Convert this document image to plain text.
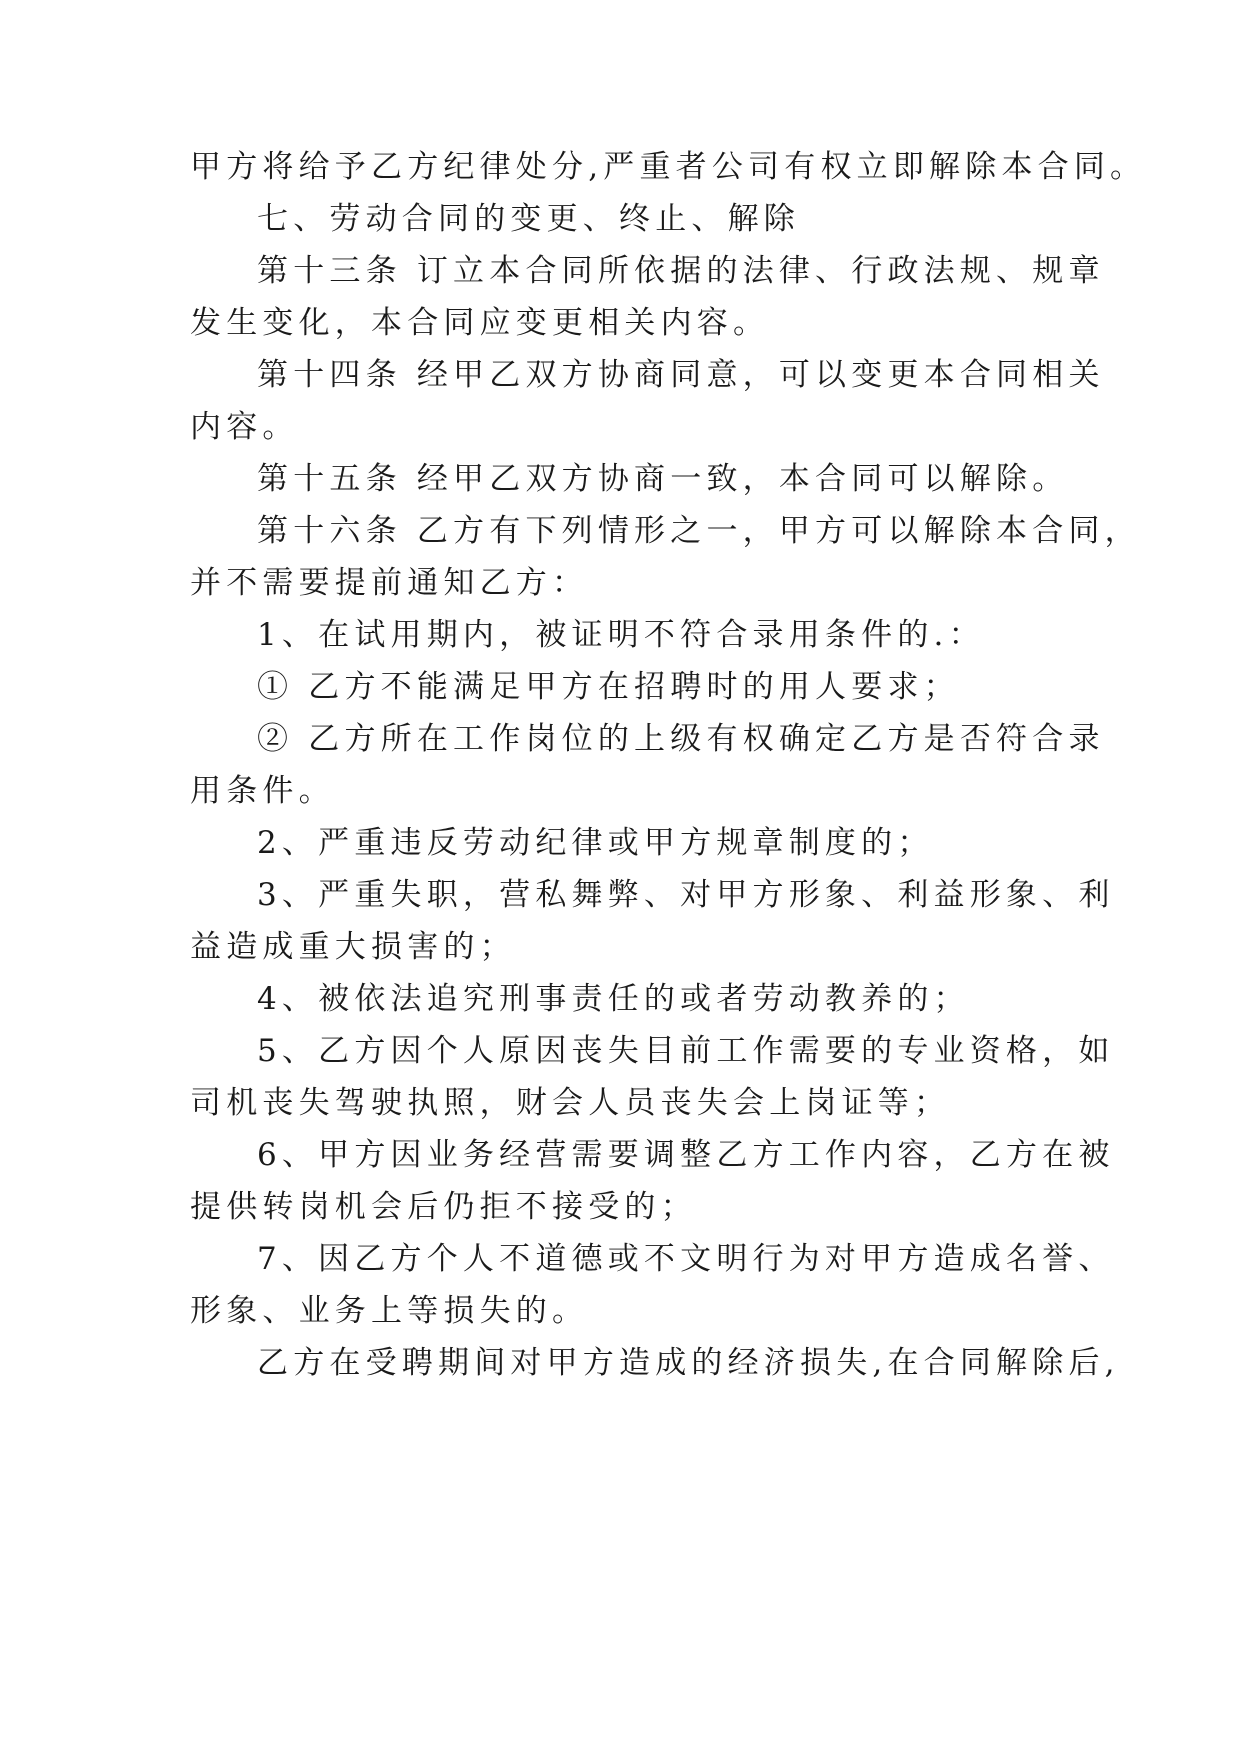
甲方将给予乙方纪律处分,严重者公司有权立即解除本合同。
七、劳动合同的变更、终止、解除
第十三条 订立本合同所依据的法律、行政法规、规章
发生变化，本合同应变更相关内容。
第十四条 经甲乙双方协商同意，可以变更本合同相关
内容。
第十五条 经甲乙双方协商一致，本合同可以解除。
第十六条 乙方有下列情形之一，甲方可以解除本合同，
并不需要提前通知乙方：
1、在试用期内，被证明不符合录用条件的.：
① 乙方不能满足甲方在招聘时的用人要求；
② 乙方所在工作岗位的上级有权确定乙方是否符合录
用条件。
2、严重违反劳动纪律或甲方规章制度的；
3、严重失职，营私舞弊、对甲方形象、利益形象、利
益造成重大损害的；
4、被依法追究刑事责任的或者劳动教养的；
5、乙方因个人原因丧失目前工作需要的专业资格，如
司机丧失驾驶执照，财会人员丧失会上岗证等；
6、甲方因业务经营需要调整乙方工作内容，乙方在被
提供转岗机会后仍拒不接受的；
7、因乙方个人不道德或不文明行为对甲方造成名誉、
形象、业务上等损失的。
乙方在受聘期间对甲方造成的经济损失,在合同解除后,
